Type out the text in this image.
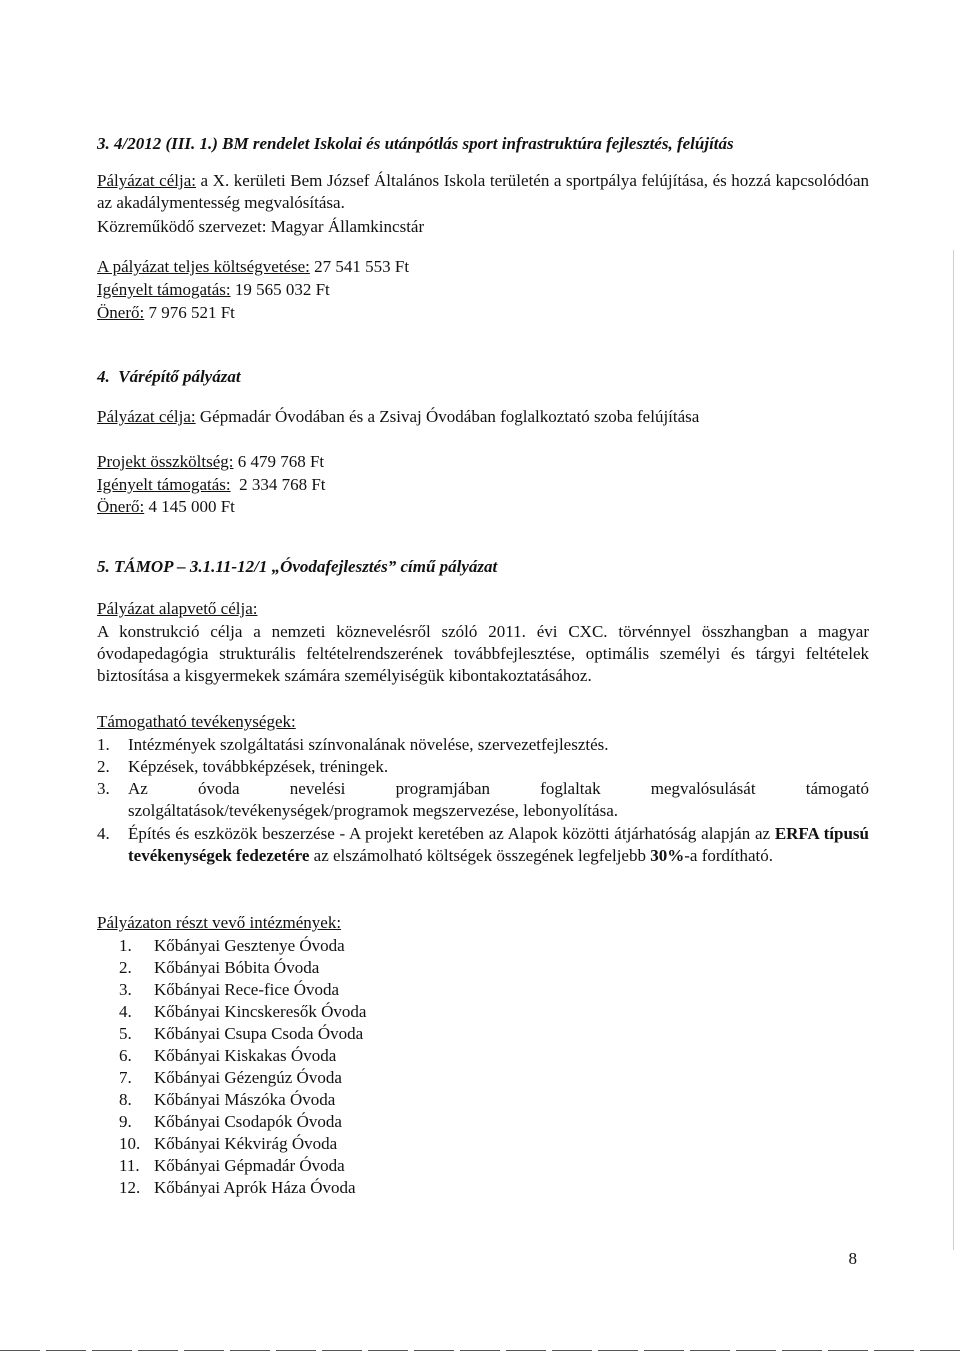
3. 4/2012 (III. 1.) BM rendelet Iskolai és utánpótlás sport infrastruktúra fejlesztés, felújítás

Pályázat célja: a X. kerületi Bem József Általános Iskola területén a sportpálya felújítása, és hozzá kapcsolódóan az akadálymentesség megvalósítása.

Közreműködő szervezet: Magyar Államkincstár

A pályázat teljes költségvetése: 27 541 553 Ft

Igényelt támogatás: 19 565 032 Ft

Önerő: 7 976 521 Ft

4.  Várépítő pályázat

Pályázat célja: Gépmadár Óvodában és a Zsivaj Óvodában foglalkoztató szoba felújítása

Projekt összköltség: 6 479 768 Ft

Igényelt támogatás:  2 334 768 Ft

Önerő: 4 145 000 Ft

5. TÁMOP – 3.1.11-12/1 „Óvodafejlesztés” című pályázat

Pályázat alapvető célja:

A konstrukció célja a nemzeti köznevelésről szóló 2011. évi CXC. törvénnyel összhangban a magyar óvodapedagógia strukturális feltételrendszerének továbbfejlesztése, optimális személyi és tárgyi feltételek biztosítása a kisgyermekek számára személyiségük kibontakoztatásához.

Támogatható tevékenységek:

1.	Intézmények szolgáltatási színvonalának növelése, szervezetfejlesztés.
2.	Képzések, továbbképzések, tréningek.
3.	Az óvoda nevelési programjában foglaltak megvalósulását támogató szolgáltatások/tevékenységek/programok megszervezése, lebonyolítása.
4.	Építés és eszközök beszerzése - A projekt keretében az Alapok közötti átjárhatóság alapján az ERFA típusú tevékenységek fedezetére az elszámolható költségek összegének legfeljebb 30%-a fordítható.

Pályázaton részt vevő intézmények:

1.	Kőbányai Gesztenye Óvoda
2.	Kőbányai Bóbita Óvoda
3.	Kőbányai Rece-fice Óvoda
4.	Kőbányai Kincskeresők Óvoda
5.	Kőbányai Csupa Csoda Óvoda
6.	Kőbányai Kiskakas Óvoda
7.	Kőbányai Gézengúz Óvoda
8.	Kőbányai Mászóka Óvoda
9.	Kőbányai Csodapók Óvoda
10. Kőbányai Kékvirág Óvoda
11. Kőbányai Gépmadár Óvoda
12. Kőbányai Aprók Háza Óvoda
8
